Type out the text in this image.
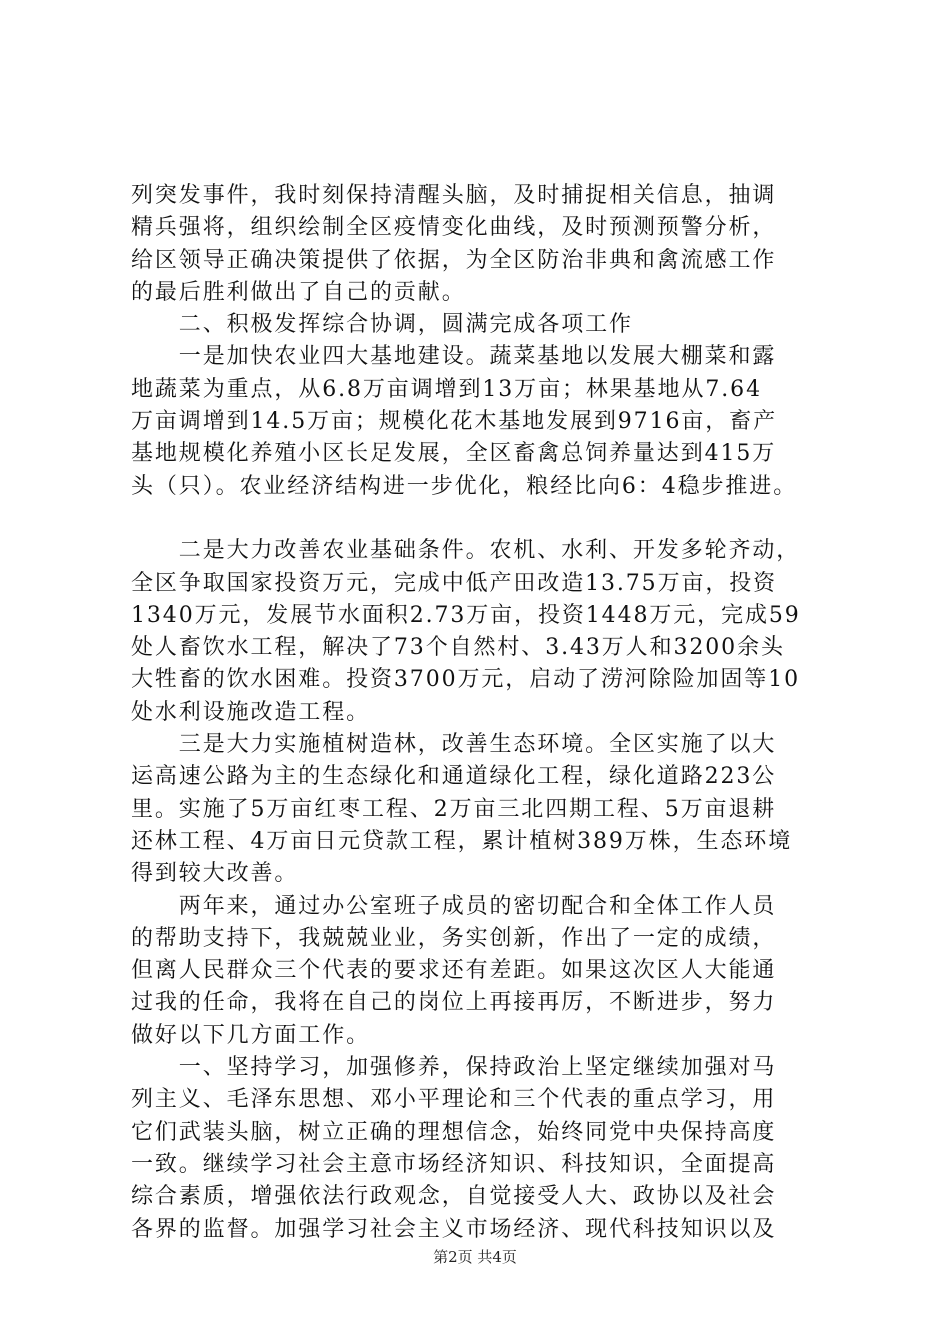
列突发事件，我时刻保持清醒头脑，及时捕捉相关信息，抽调
精兵强将，组织绘制全区疫情变化曲线，及时预测预警分析，
给区领导正确决策提供了依据，为全区防治非典和禽流感工作
的最后胜利做出了自己的贡献。
　　二、积极发挥综合协调，圆满完成各项工作
　　一是加快农业四大基地建设。蔬菜基地以发展大棚菜和露
地蔬菜为重点，从6.8万亩调增到13万亩；林果基地从7.64
万亩调增到14.5万亩；规模化花木基地发展到9716亩，畜产
基地规模化养殖小区长足发展，全区畜禽总饲养量达到415万
头（只）。农业经济结构进一步优化，粮经比向6：4稳步推进。
　　二是大力改善农业基础条件。农机、水利、开发多轮齐动，
全区争取国家投资万元，完成中低产田改造13.75万亩，投资
1340万元，发展节水面积2.73万亩，投资1448万元，完成59
处人畜饮水工程，解决了73个自然村、3.43万人和3200余头
大牲畜的饮水困难。投资3700万元，启动了涝河除险加固等10
处水利设施改造工程。
　　三是大力实施植树造林，改善生态环境。全区实施了以大
运高速公路为主的生态绿化和通道绿化工程，绿化道路223公
里。实施了5万亩红枣工程、2万亩三北四期工程、5万亩退耕
还林工程、4万亩日元贷款工程，累计植树389万株，生态环境
得到较大改善。
　　两年来，通过办公室班子成员的密切配合和全体工作人员
的帮助支持下，我兢兢业业，务实创新，作出了一定的成绩，
但离人民群众三个代表的要求还有差距。如果这次区人大能通
过我的任命，我将在自己的岗位上再接再厉，不断进步，努力
做好以下几方面工作。
　　一、坚持学习，加强修养，保持政治上坚定继续加强对马
列主义、毛泽东思想、邓小平理论和三个代表的重点学习，用
它们武装头脑，树立正确的理想信念，始终同党中央保持高度
一致。继续学习社会主意市场经济知识、科技知识，全面提高
综合素质，增强依法行政观念，自觉接受人大、政协以及社会
各界的监督。加强学习社会主义市场经济、现代科技知识以及
第2页 共4页
